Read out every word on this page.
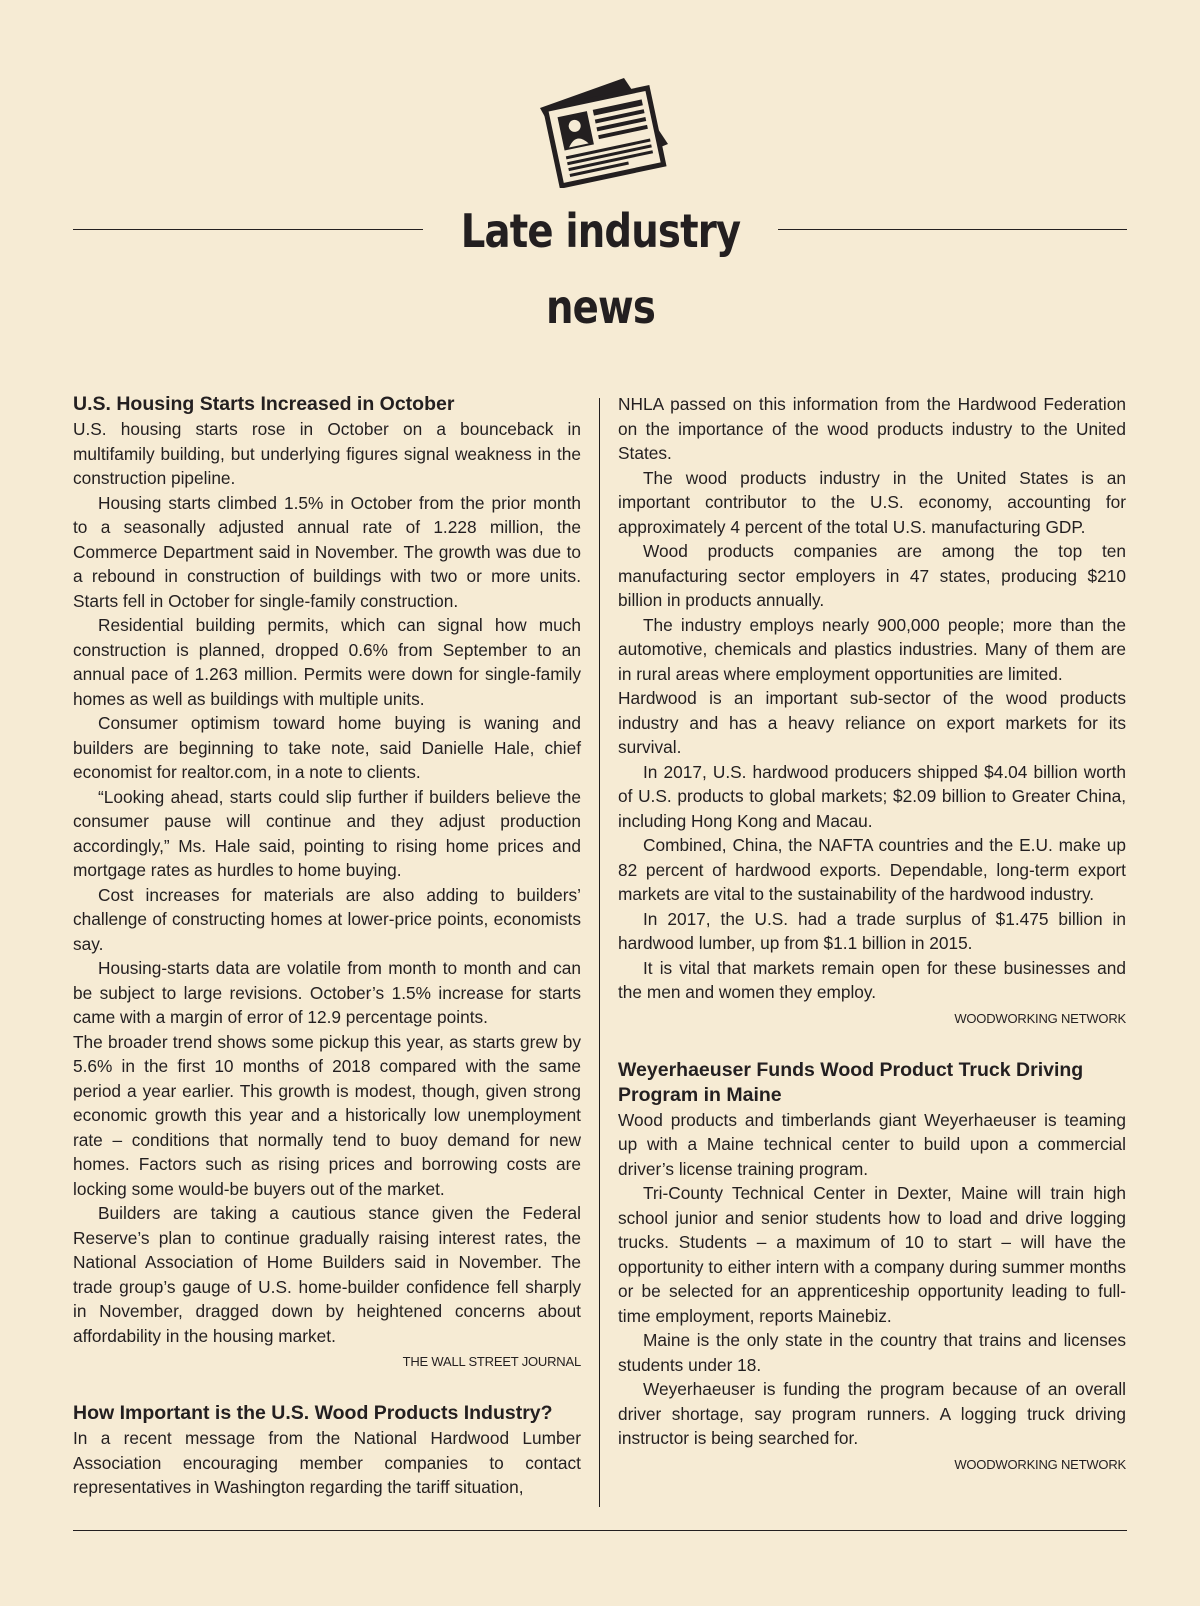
Late industry news
U.S. Housing Starts Increased in October

U.S. housing starts rose in October on a bounceback in multifamily building, but underlying figures signal weakness in the construction pipeline.

Housing starts climbed 1.5% in October from the prior month to a seasonally adjusted annual rate of 1.228 million, the Commerce Department said in November. The growth was due to a rebound in construction of buildings with two or more units. Starts fell in October for single-family construction.

Residential building permits, which can signal how much construction is planned, dropped 0.6% from September to an annual pace of 1.263 million. Permits were down for single-family homes as well as buildings with multiple units.

Consumer optimism toward home buying is waning and builders are beginning to take note, said Danielle Hale, chief economist for realtor.com, in a note to clients.

“Looking ahead, starts could slip further if builders believe the consumer pause will continue and they adjust production accordingly,” Ms. Hale said, pointing to rising home prices and mortgage rates as hurdles to home buying.

Cost increases for materials are also adding to builders’ challenge of constructing homes at lower-price points, economists say.

Housing-starts data are volatile from month to month and can be subject to large revisions. October’s 1.5% increase for starts came with a margin of error of 12.9 percentage points.

The broader trend shows some pickup this year, as starts grew by 5.6% in the first 10 months of 2018 compared with the same period a year earlier. This growth is modest, though, given strong economic growth this year and a historically low unemployment rate – conditions that normally tend to buoy demand for new homes. Factors such as rising prices and borrowing costs are locking some would-be buyers out of the market.

Builders are taking a cautious stance given the Federal Reserve’s plan to continue gradually raising interest rates, the National Association of Home Builders said in November. The trade group’s gauge of U.S. home-builder confidence fell sharply in November, dragged down by heightened concerns about affordability in the housing market.

THE WALL STREET JOURNAL
How Important is the U.S. Wood Products Industry?

In a recent message from the National Hardwood Lumber Association encouraging member companies to contact representatives in Washington regarding the tariff situation,

NHLA passed on this information from the Hardwood Federation on the importance of the wood products industry to the United States.

The wood products industry in the United States is an important contributor to the U.S. economy, accounting for approximately 4 percent of the total U.S. manufacturing GDP.

Wood products companies are among the top ten manufacturing sector employers in 47 states, producing $210 billion in products annually.

The industry employs nearly 900,000 people; more than the automotive, chemicals and plastics industries. Many of them are in rural areas where employment opportunities are limited.

Hardwood is an important sub-sector of the wood products industry and has a heavy reliance on export markets for its survival.

In 2017, U.S. hardwood producers shipped $4.04 billion worth of U.S. products to global markets; $2.09 billion to Greater China, including Hong Kong and Macau.

Combined, China, the NAFTA countries and the E.U. make up 82 percent of hardwood exports. Dependable, long-term export markets are vital to the sustainability of the hardwood industry.

In 2017, the U.S. had a trade surplus of $1.475 billion in hardwood lumber, up from $1.1 billion in 2015.

It is vital that markets remain open for these businesses and the men and women they employ.

WOODWORKING NETWORK
Weyerhaeuser Funds Wood Product Truck Driving Program in Maine

Wood products and timberlands giant Weyerhaeuser is teaming up with a Maine technical center to build upon a commercial driver’s license training program.

Tri-County Technical Center in Dexter, Maine will train high school junior and senior students how to load and drive logging trucks. Students – a maximum of 10 to start – will have the opportunity to either intern with a company during summer months or be selected for an apprenticeship opportunity leading to full-time employment, reports Mainebiz.

Maine is the only state in the country that trains and licenses students under 18.

Weyerhaeuser is funding the program because of an overall driver shortage, say program runners. A logging truck driving instructor is being searched for.

WOODWORKING NETWORK
